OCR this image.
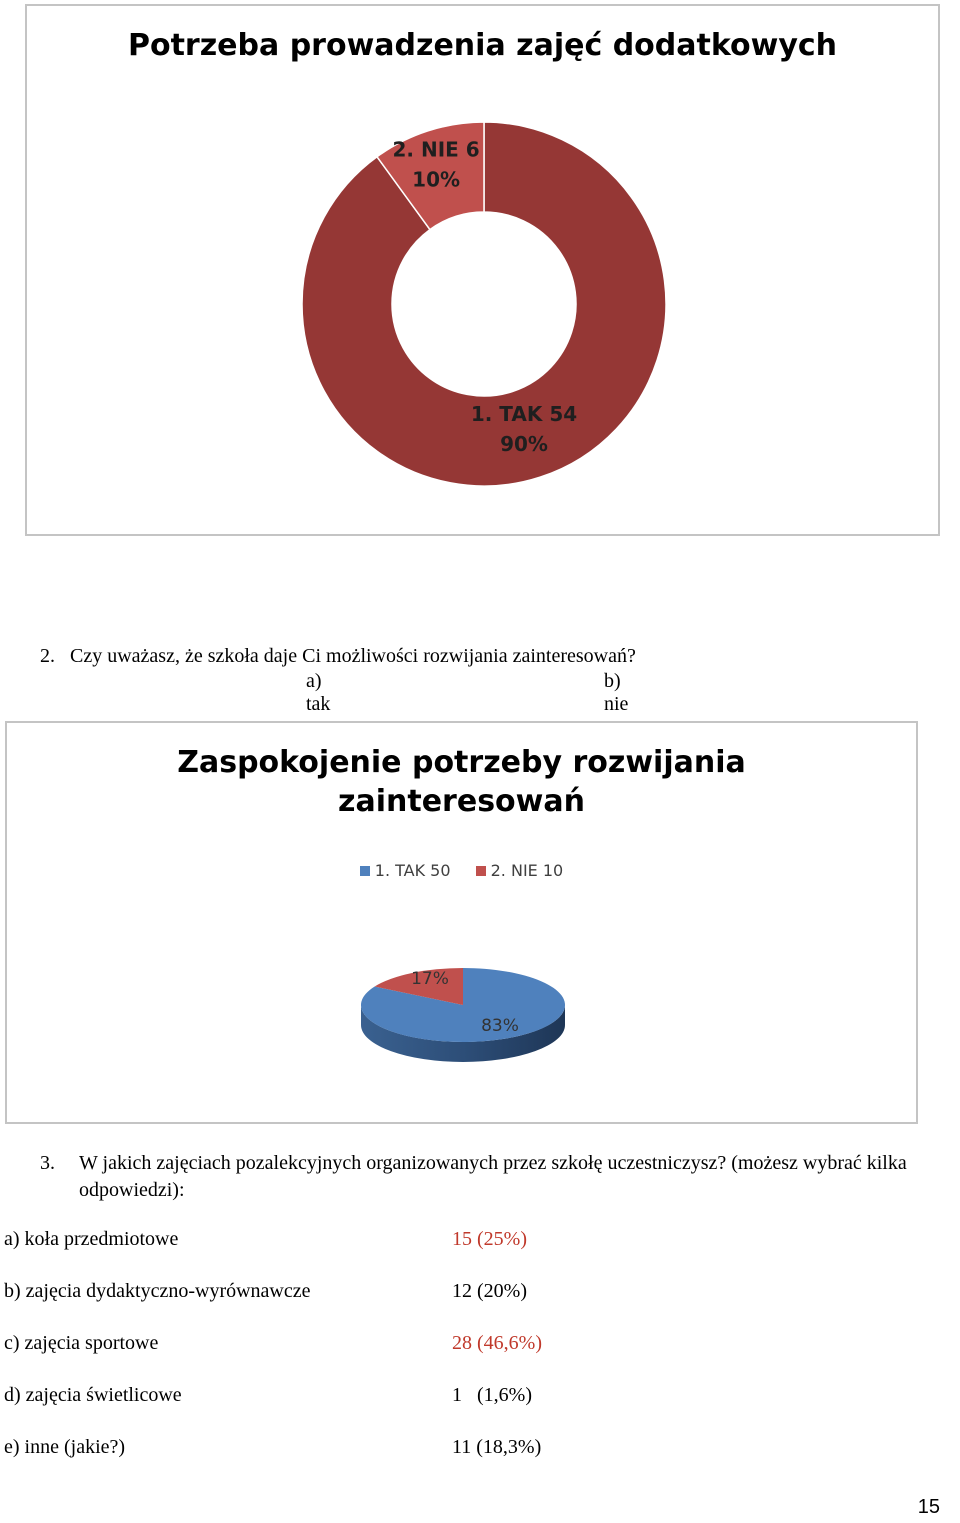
Potrzeba prowadzenia zajęć dodatkowych
1. TAK 54
90%
2. NIE 6
10%
2. Czy uważasz, że szkoła daje Ci możliwości rozwijania zainteresowań?
a) tak
b) nie
Zaspokojenie potrzeby rozwijania
zainteresowań
1. TAK 50	2. NIE 10
83%
17%
3.	W jakich zajęciach pozalekcyjnych organizowanych przez szkołę uczestniczysz? (możesz wybrać kilka odpowiedzi):
a) koła przedmiotowe	15 (25%)
b) zajęcia dydaktyczno-wyrównawcze	12 (20%)
c) zajęcia sportowe	28 (46,6%)
d) zajęcia świetlicowe	1   (1,6%)
e) inne (jakie?)	11 (18,3%)
15
